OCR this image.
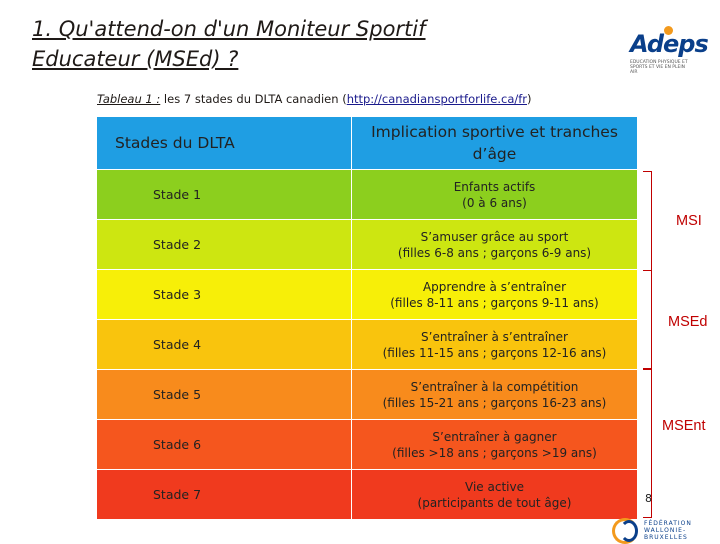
1. Qu'attend-on d'un Moniteur Sportif
Educateur (MSEd) ?
Adeps
EDUCATION PHYSIQUE ET SPORTS ET VIE EN PLEIN AIR
Tableau 1 : les 7 stades du DLTA canadien (http://canadiansportforlife.ca/fr)
Stades du DLTA	Implication sportive et tranches d’âge
Stade 1	Enfants actifs
(0 à 6 ans)

Stade 2	S’amuser grâce au sport
(filles 6-8 ans ; garçons 6-9 ans)

Stade 3	Apprendre à s’entraîner
(filles 8-11 ans ; garçons 9-11 ans)

Stade 4	S’entraîner à s’entraîner
(filles 11-15 ans ; garçons 12-16 ans)

Stade 5	S’entraîner à la compétition
(filles 15-21 ans ; garçons 16-23 ans)

Stade 6	S’entraîner à gagner
(filles >18 ans ; garçons >19 ans)

Stade 7	Vie active
(participants de tout âge)
MSI
MSEd
MSEnt
8
FÉDÉRATION WALLONIE-BRUXELLES
